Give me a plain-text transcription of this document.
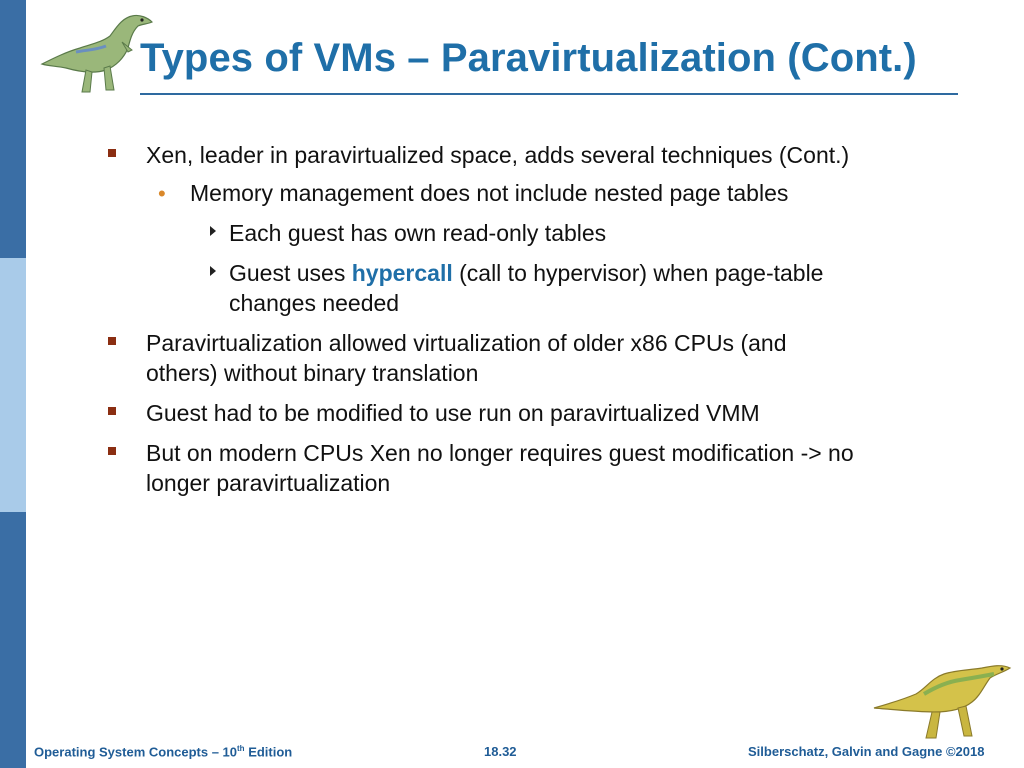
Types of VMs – Paravirtualization (Cont.)
Xen, leader in paravirtualized space, adds several techniques (Cont.)
• Memory management does not include nested page tables
Each guest has own read-only tables
Guest uses hypercall (call to hypervisor) when page-table
changes needed
Paravirtualization allowed virtualization of older x86 CPUs (and
others) without binary translation
Guest had to be modified to use run on paravirtualized VMM
But on modern CPUs Xen no longer requires guest modification -> no
longer paravirtualization
Operating System Concepts – 10th Edition	18.32	Silberschatz, Galvin and Gagne ©2018
